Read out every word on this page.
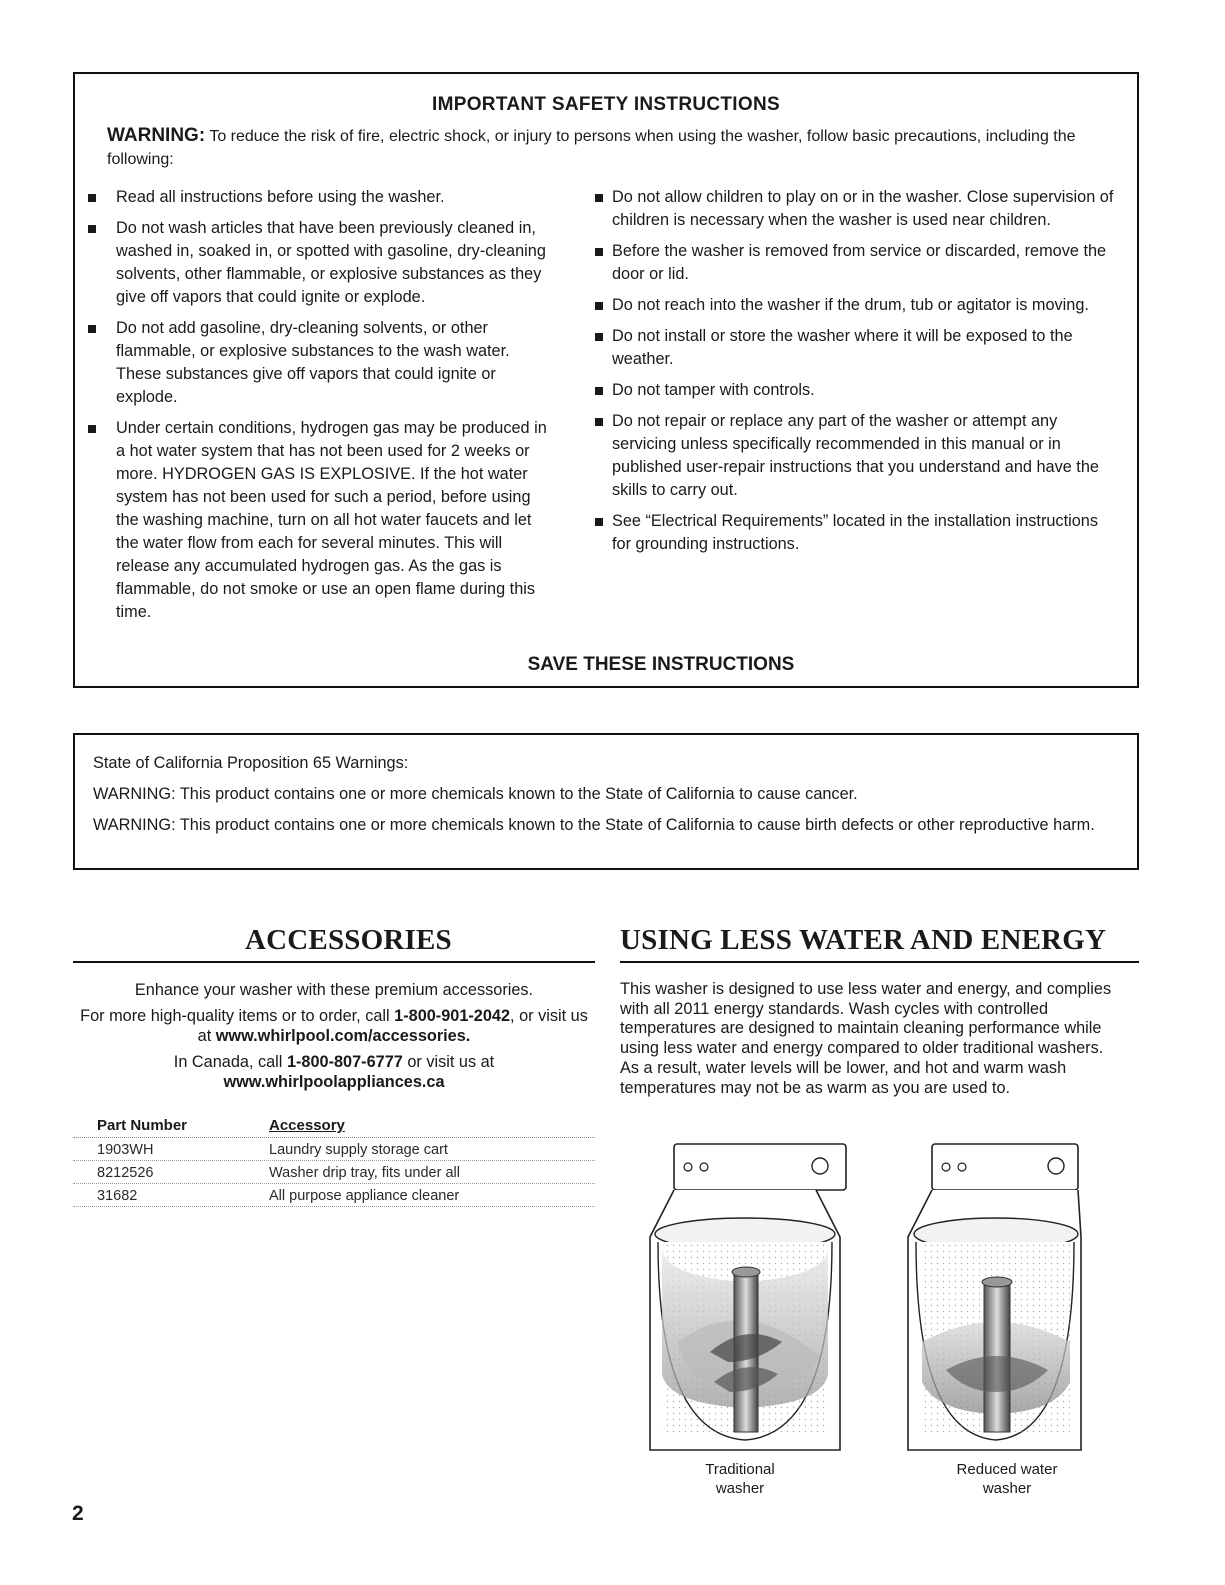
IMPORTANT SAFETY INSTRUCTIONS
WARNING: To reduce the risk of fire, electric shock, or injury to persons when using the washer, follow basic precautions, including the following:
Read all instructions before using the washer.
Do not wash articles that have been previously cleaned in, washed in, soaked in, or spotted with gasoline, dry-cleaning solvents, other flammable, or explosive substances as they give off vapors that could ignite or explode.
Do not add gasoline, dry-cleaning solvents, or other flammable, or explosive substances to the wash water. These substances give off vapors that could ignite or explode.
Under certain conditions, hydrogen gas may be produced in a hot water system that has not been used for 2 weeks or more. HYDROGEN GAS IS EXPLOSIVE. If the hot water system has not been used for such a period, before using the washing machine, turn on all hot water faucets and let the water flow from each for several minutes. This will release any accumulated hydrogen gas. As the gas is flammable, do not smoke or use an open flame during this time.
Do not allow children to play on or in the washer. Close supervision of children is necessary when the washer is used near children.
Before the washer is removed from service or discarded, remove the door or lid.
Do not reach into the washer if the drum, tub or agitator is moving.
Do not install or store the washer where it will be exposed to the weather.
Do not tamper with controls.
Do not repair or replace any part of the washer or attempt any servicing unless specifically recommended in this manual or in published user-repair instructions that you understand and have the skills to carry out.
See “Electrical Requirements” located in the installation instructions for grounding instructions.
SAVE THESE INSTRUCTIONS

State of California Proposition 65 Warnings:

WARNING: This product contains one or more chemicals known to the State of California to cause cancer.

WARNING: This product contains one or more chemicals known to the State of California to cause birth defects or other reproductive harm.

ACCESSORIES

Enhance your washer with these premium accessories.

For more high-quality items or to order, call 1-800-901-2042, or visit us at www.whirlpool.com/accessories.

In Canada, call 1-800-807-6777 or visit us at
www.whirlpoolappliances.ca

Part Number	Accessory
1903WH	Laundry supply storage cart
8212526	Washer drip tray, fits under all
31682	All purpose appliance cleaner
USING LESS WATER AND ENERGY
This washer is designed to use less water and energy, and complies with all 2011 energy standards. Wash cycles with controlled temperatures are designed to maintain cleaning performance while using less water and energy compared to older traditional washers. As a result, water levels will be lower, and hot and warm wash temperatures may not be as warm as you are used to.
Traditional
washer
Reduced water
washer
2
